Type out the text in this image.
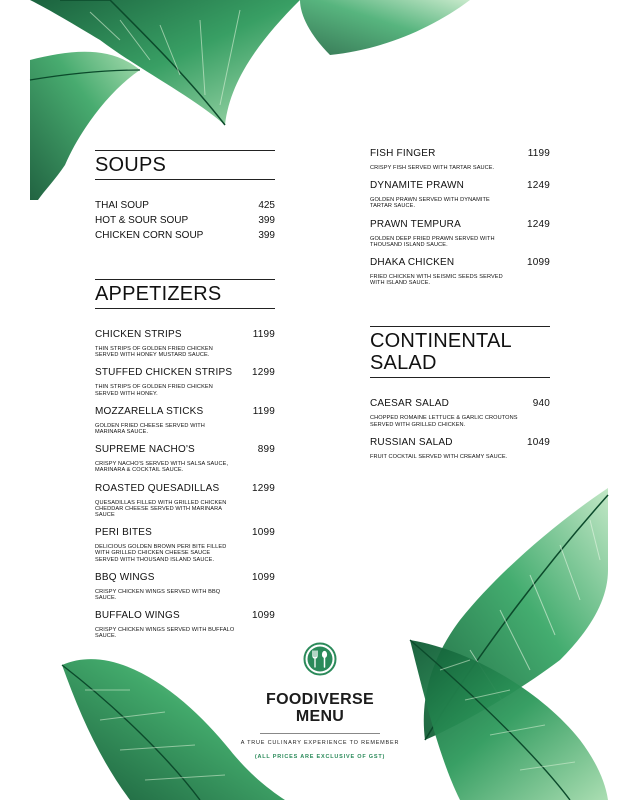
SOUPS
THAI SOUP	425
HOT & SOUR SOUP	399
CHICKEN CORN SOUP	399
APPETIZERS
CHICKEN STRIPS	1199
THIN STRIPS OF GOLDEN FRIED CHICKEN SERVED WITH HONEY MUSTARD SAUCE.
STUFFED CHICKEN STRIPS 1299
THIN STRIPS OF GOLDEN FRIED CHICKEN SERVED WITH HONEY.
MOZZARELLA STICKS	1199
GOLDEN FRIED CHEESE SERVED WITH MARINARA SAUCE.
SUPREME NACHO'S	899
CRISPY NACHO'S SERVED WITH SALSA SAUCE, MARINARA & COCKTAIL SAUCE.
ROASTED QUESADILLAS	1299
QUESADILLAS FILLED WITH GRILLED CHICKEN CHEDDAR CHEESE SERVED WITH MARINARA SAUCE
PERI BITES	1099
DELICIOUS GOLDEN BROWN PERI BITE FILLED WITH GRILLED CHICKEN CHEESE SAUCE SERVED WITH THOUSAND ISLAND SAUCE.
BBQ WINGS	1099
CRISPY CHICKEN WINGS SERVED WITH BBQ SAUCE.
BUFFALO WINGS	1099
CRISPY CHICKEN WINGS SERVED WITH BUFFALO SAUCE.
FISH FINGER	1199
CRISPY FISH SERVED WITH TARTAR SAUCE.
DYNAMITE PRAWN	1249
GOLDEN PRAWN SERVED WITH DYNAMITE TARTAR SAUCE.
PRAWN TEMPURA	1249
GOLDEN DEEP FRIED PRAWN SERVED WITH THOUSAND ISLAND SAUCE.
DHAKA CHICKEN	1099
FRIED CHICKEN WITH SEISMIC SEEDS SERVED WITH ISLAND SAUCE.
CONTINENTAL SALAD
CAESAR SALAD	940
CHOPPED ROMAINE LETTUCE & GARLIC CROUTONS SERVED WITH GRILLED CHICKEN.
RUSSIAN SALAD	1049
FRUIT COCKTAIL SERVED WITH CREAMY SAUCE.
FOODIVERSE
MENU
A TRUE CULINARY EXPERIENCE TO REMEMBER
(ALL PRICES ARE EXCLUSIVE OF GST)
